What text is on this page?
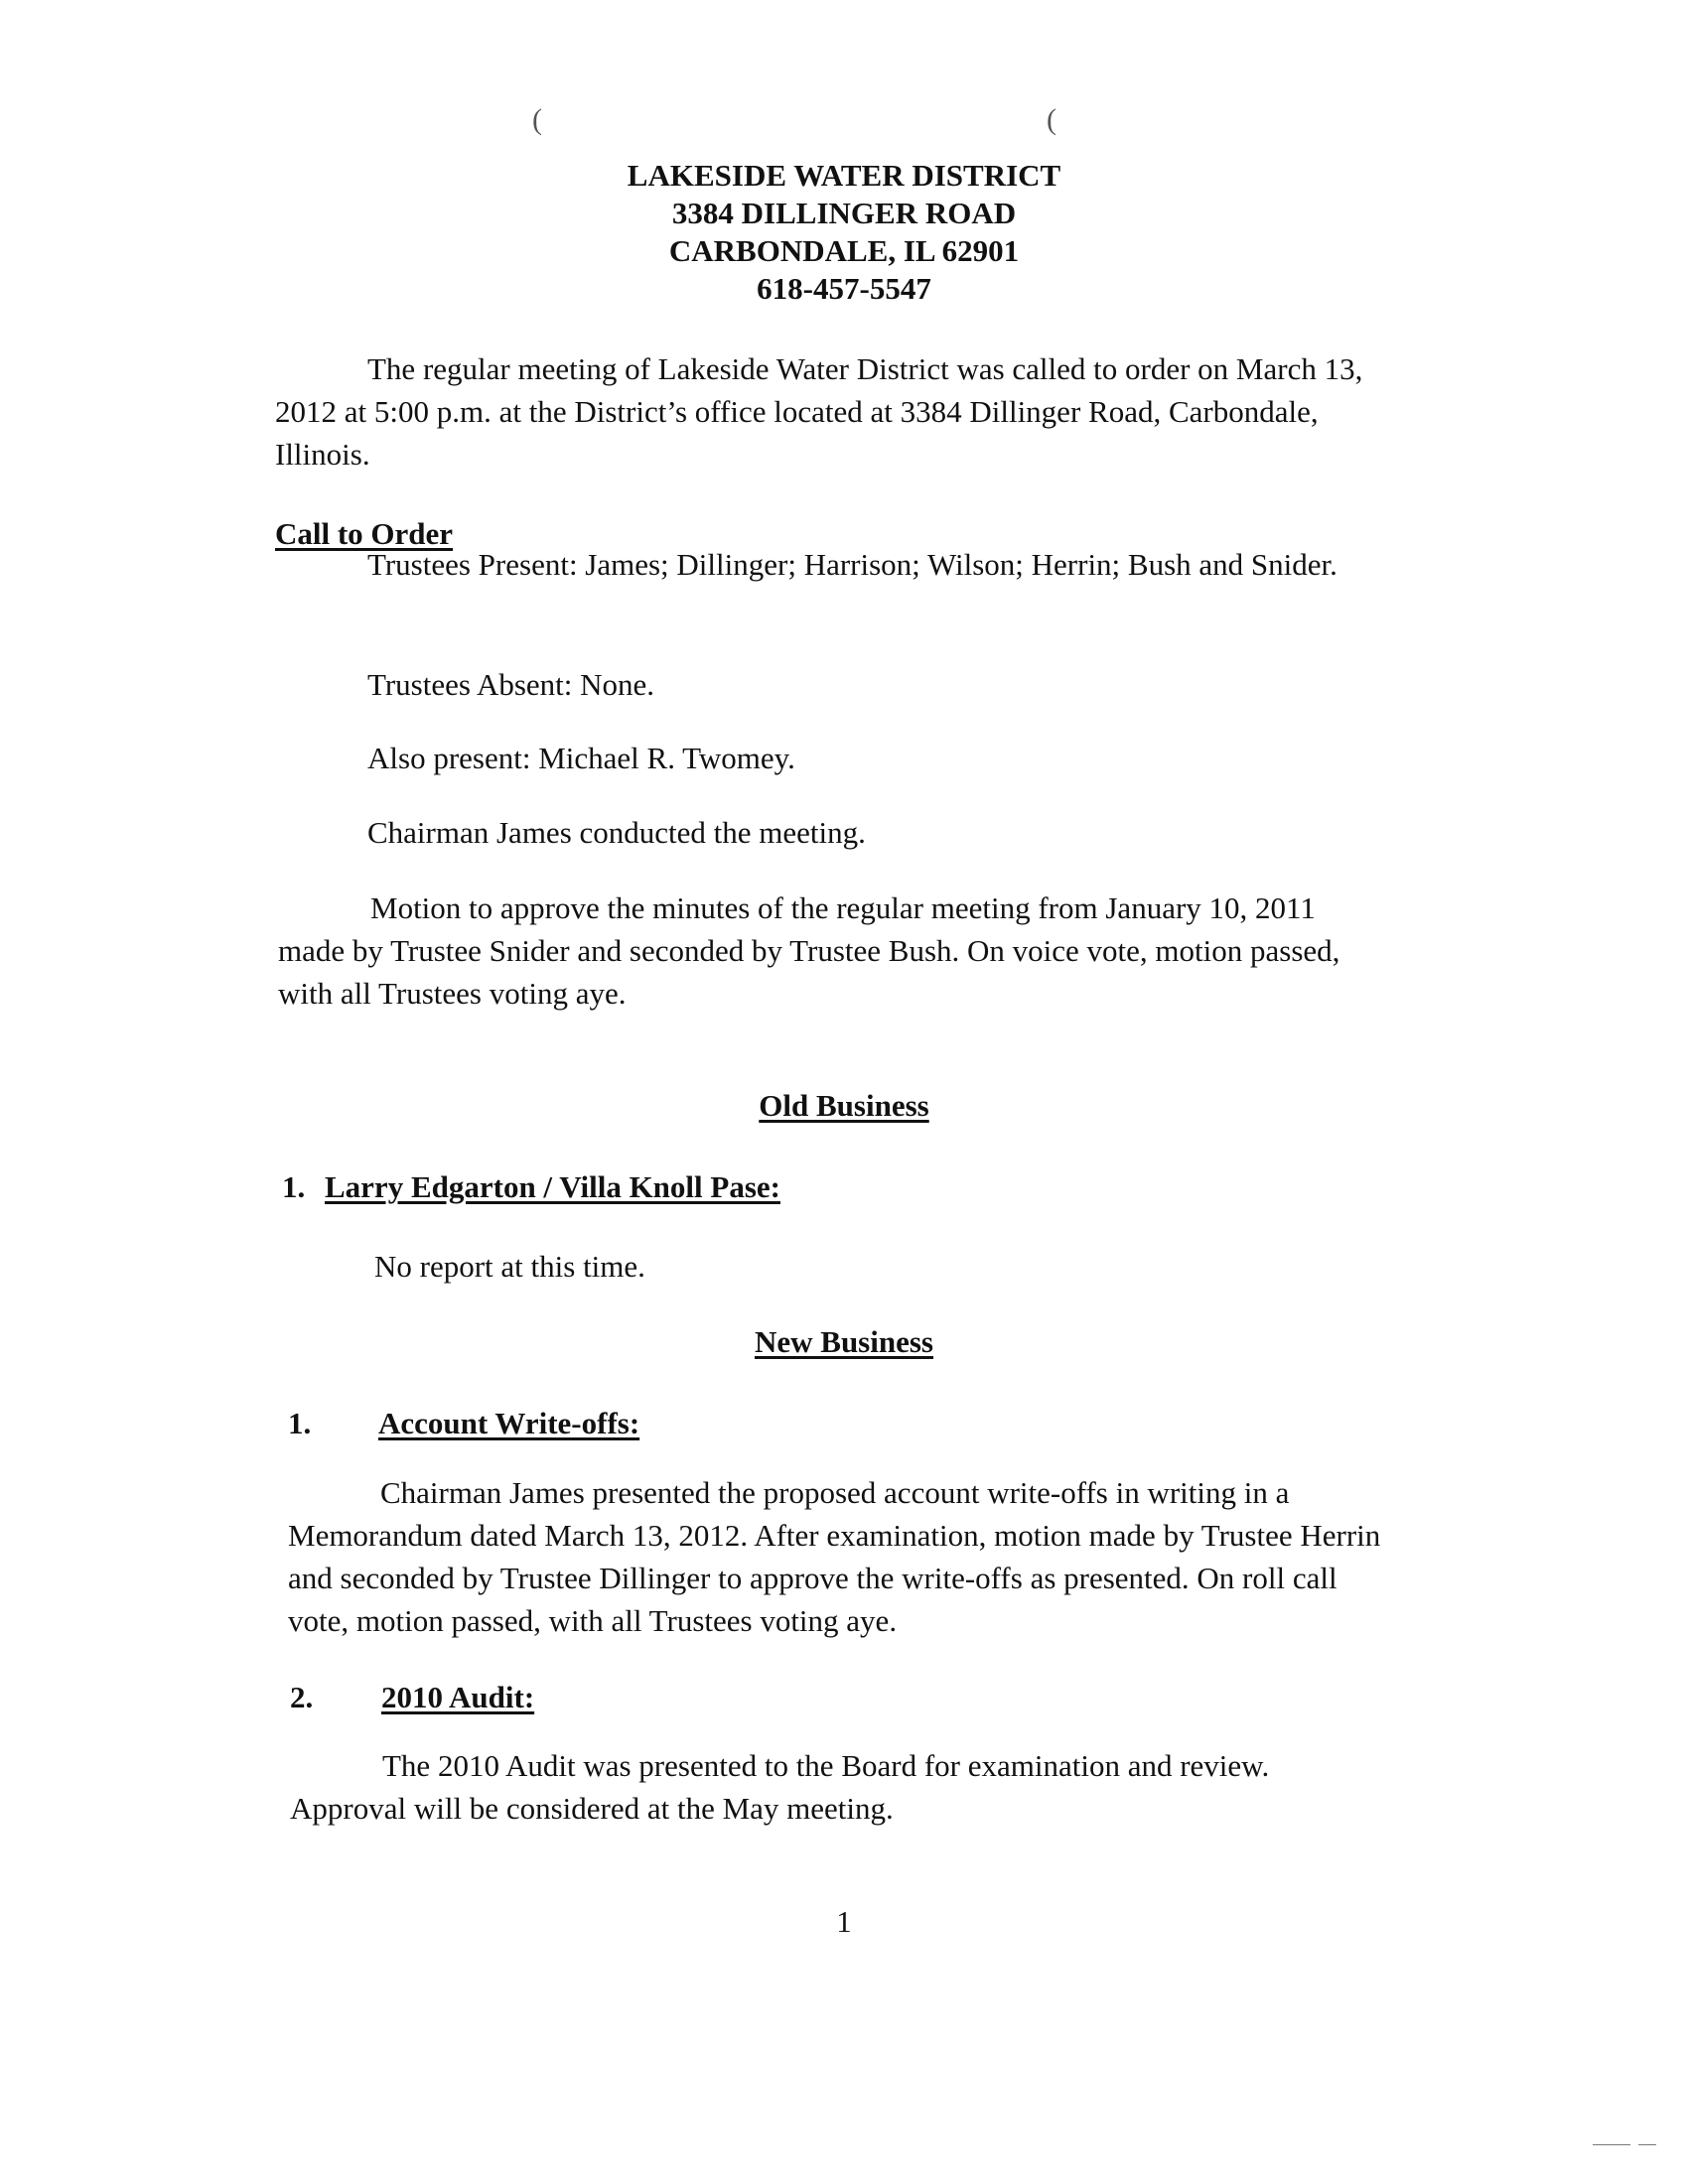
(	(
LAKESIDE WATER DISTRICT
3384 DILLINGER ROAD
CARBONDALE, IL 62901
618-457-5547
The regular meeting of Lakeside Water District was called to order on March 13, 2012 at 5:00 p.m. at the District’s office located at 3384 Dillinger Road, Carbondale, Illinois.
Call to Order
Trustees Present: James; Dillinger; Harrison; Wilson; Herrin; Bush and Snider.
Trustees Absent: None.
Also present: Michael R. Twomey.
Chairman James conducted the meeting.
Motion to approve the minutes of the regular meeting from January 10, 2011 made by Trustee Snider and seconded by Trustee Bush. On voice vote, motion passed, with all Trustees voting aye.
Old Business
1. Larry Edgarton / Villa Knoll Pase:
No report at this time.
New Business
1. Account Write-offs:
Chairman James presented the proposed account write-offs in writing in a Memorandum dated March 13, 2012. After examination, motion made by Trustee Herrin and seconded by Trustee Dillinger to approve the write-offs as presented. On roll call vote, motion passed, with all Trustees voting aye.
2. 2010 Audit:
The 2010 Audit was presented to the Board for examination and review. Approval will be considered at the May meeting.
1
